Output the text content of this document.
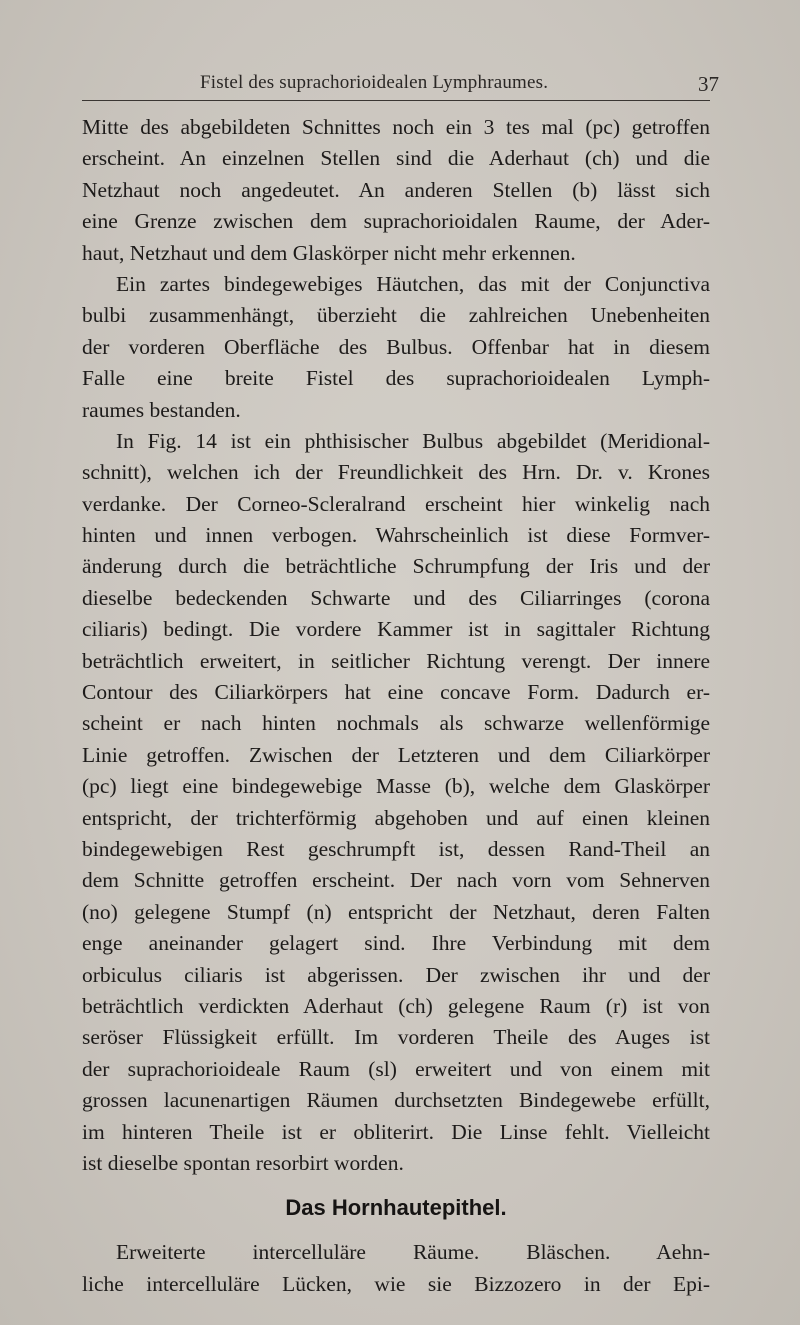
Fistel des suprachorioidealen Lymphraumes.	37
Mitte des abgebildeten Schnittes noch ein 3 tes mal (pc) getroffen
erscheint. An einzelnen Stellen sind die Aderhaut (ch) und die
Netzhaut noch angedeutet. An anderen Stellen (b) lässt sich
eine Grenze zwischen dem suprachorioidalen Raume, der Ader-
haut, Netzhaut und dem Glaskörper nicht mehr erkennen.
Ein zartes bindegewebiges Häutchen, das mit der Conjunctiva
bulbi zusammenhängt, überzieht die zahlreichen Unebenheiten
der vorderen Oberfläche des Bulbus. Offenbar hat in diesem
Falle eine breite Fistel des suprachorioidealen Lymph-
raumes bestanden.
In Fig. 14 ist ein phthisischer Bulbus abgebildet (Meridional-
schnitt), welchen ich der Freundlichkeit des Hrn. Dr. v. Krones
verdanke. Der Corneo-Scleralrand erscheint hier winkelig nach
hinten und innen verbogen. Wahrscheinlich ist diese Formver-
änderung durch die beträchtliche Schrumpfung der Iris und der
dieselbe bedeckenden Schwarte und des Ciliarringes (corona
ciliaris) bedingt. Die vordere Kammer ist in sagittaler Richtung
beträchtlich erweitert, in seitlicher Richtung verengt. Der innere
Contour des Ciliarkörpers hat eine concave Form. Dadurch er-
scheint er nach hinten nochmals als schwarze wellenförmige
Linie getroffen. Zwischen der Letzteren und dem Ciliarkörper
(pc) liegt eine bindegewebige Masse (b), welche dem Glaskörper
entspricht, der trichterförmig abgehoben und auf einen kleinen
bindegewebigen Rest geschrumpft ist, dessen Rand-Theil an
dem Schnitte getroffen erscheint. Der nach vorn vom Sehnerven
(no) gelegene Stumpf (n) entspricht der Netzhaut, deren Falten
enge aneinander gelagert sind. Ihre Verbindung mit dem
orbiculus ciliaris ist abgerissen. Der zwischen ihr und der
beträchtlich verdickten Aderhaut (ch) gelegene Raum (r) ist von
seröser Flüssigkeit erfüllt. Im vorderen Theile des Auges ist
der suprachorioideale Raum (sl) erweitert und von einem mit
grossen lacunenartigen Räumen durchsetzten Bindegewebe erfüllt,
im hinteren Theile ist er obliterirt. Die Linse fehlt. Vielleicht
ist dieselbe spontan resorbirt worden.
Das Hornhautepithel.
Erweiterte intercelluläre Räume. Bläschen. Aehn-
liche intercelluläre Lücken, wie sie Bizzozero in der Epi-
